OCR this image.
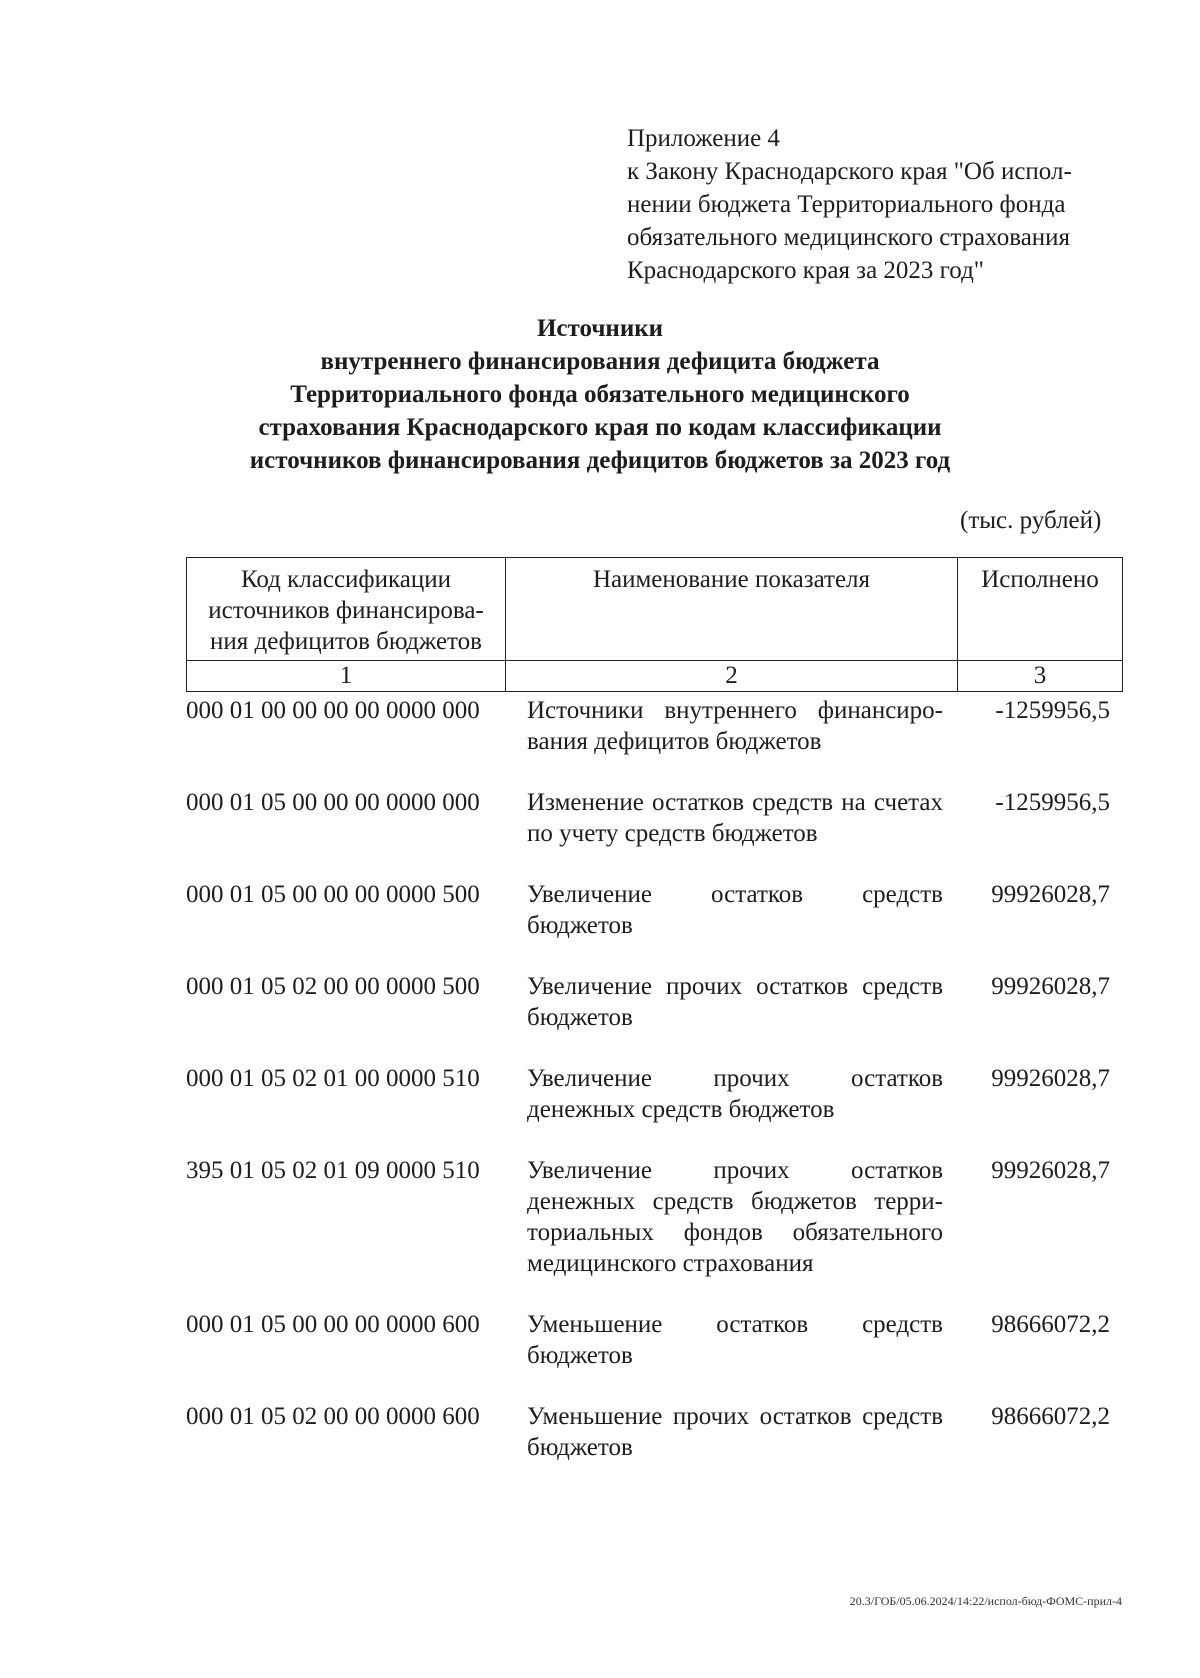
Приложение 4
к Закону Краснодарского края "Об испол-
нении бюджета Территориального фонда
обязательного медицинского страхования
Краснодарского края за 2023 год"
Источники
внутреннего финансирования дефицита бюджета
Территориального фонда обязательного медицинского
страхования Краснодарского края по кодам классификации
источников финансирования дефицитов бюджетов за 2023 год
(тыс. рублей)
Код классификации источников финансирова-ния дефицитов бюджетов	Наименование показателя	Исполнено
1	2	3
000 01 00 00 00 00 0000 000	Источники внутреннего финансиро-вания дефицитов бюджетов	-1259956,5
000 01 05 00 00 00 0000 000	Изменение остатков средств на счетах по учету средств бюджетов	-1259956,5
000 01 05 00 00 00 0000 500	Увеличение остатков средств бюджетов	99926028,7
000 01 05 02 00 00 0000 500	Увеличение прочих остатков средств бюджетов	99926028,7
000 01 05 02 01 00 0000 510	Увеличение прочих остатков денежных средств бюджетов	99926028,7
395 01 05 02 01 09 0000 510	Увеличение прочих остатков денежных средств бюджетов терри-ториальных фондов обязательного медицинского страхования	99926028,7
000 01 05 00 00 00 0000 600	Уменьшение остатков средств бюджетов	98666072,2
000 01 05 02 00 00 0000 600	Уменьшение прочих остатков средств бюджетов	98666072,2
20.3/ГОБ/05.06.2024/14:22/испол-бюд-ФОМС-прил-4
